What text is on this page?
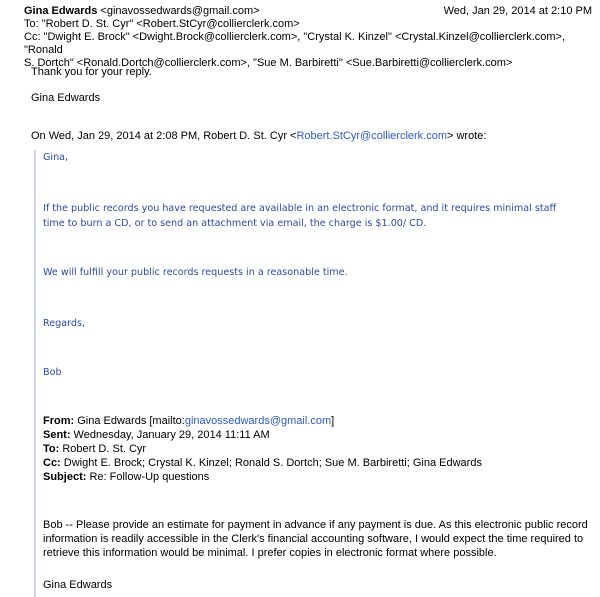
Gina Edwards <ginavossedwards@gmail.com>	Wed, Jan 29, 2014 at 2:10 PM
To: "Robert D. St. Cyr" <Robert.StCyr@collierclerk.com>
Cc: "Dwight E. Brock" <Dwight.Brock@collierclerk.com>, "Crystal K. Kinzel" <Crystal.Kinzel@collierclerk.com>, "Ronald
S. Dortch" <Ronald.Dortch@collierclerk.com>, "Sue M. Barbiretti" <Sue.Barbiretti@collierclerk.com>
Thank you for your reply.
Gina Edwards
On Wed, Jan 29, 2014 at 2:08 PM, Robert D. St. Cyr <Robert.StCyr@collierclerk.com> wrote:
Gina,
If the public records you have requested are available in an electronic format, and it requires minimal staff
time to burn a CD, or to send an attachment via email, the charge is $1.00/ CD.
We will fulfill your public records requests in a reasonable time.
Regards,
Bob
From: Gina Edwards [mailto:ginavossedwards@gmail.com]
Sent: Wednesday, January 29, 2014 11:11 AM
To: Robert D. St. Cyr
Cc: Dwight E. Brock; Crystal K. Kinzel; Ronald S. Dortch; Sue M. Barbiretti; Gina Edwards
Subject: Re: Follow-Up questions
Bob -- Please provide an estimate for payment in advance if any payment is due. As this electronic public record
information is readily accessible in the Clerk's financial accounting software, I would expect the time required to
retrieve this information would be minimal. I prefer copies in electronic format where possible.
Gina Edwards
